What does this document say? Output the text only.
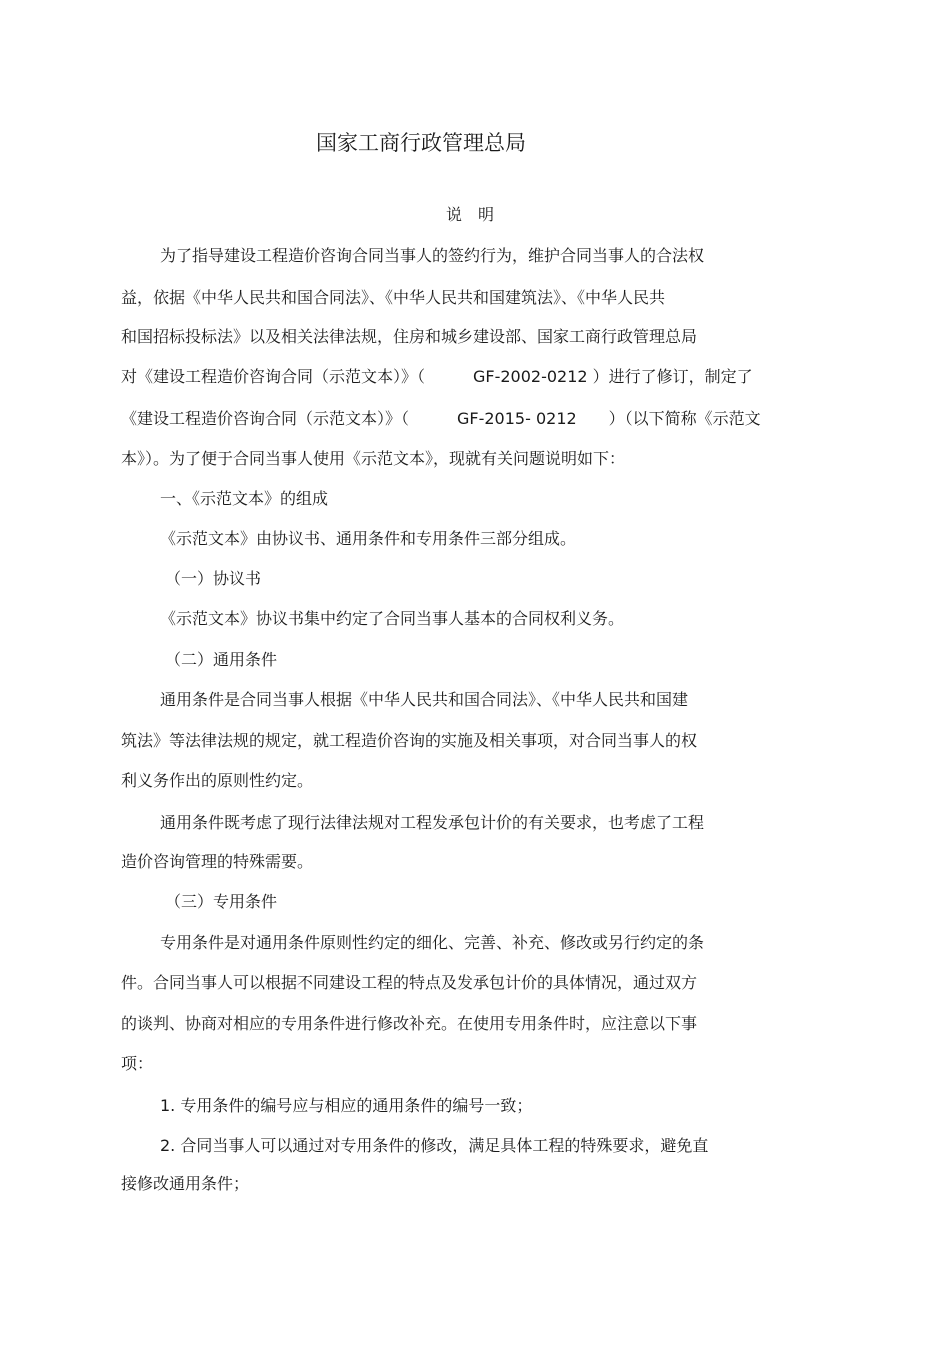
国家工商行政管理总局
说　明
为了指导建设工程造价咨询合同当事人的签约行为，维护合同当事人的合法权
益，依据《中华人民共和国合同法》、《中华人民共和国建筑法》、《中华人民共
和国招标投标法》以及相关法律法规，住房和城乡建设部、国家工商行政管理总局
对《建设工程造价咨询合同（示范文本）》（　　　GF-2002-0212 ）进行了修订，制定了
《建设工程造价咨询合同（示范文本）》（　　　GF-2015- 0212　　）（以下简称《示范文
本》）。为了便于合同当事人使用《示范文本》，现就有关问题说明如下：
一、《示范文本》的组成
《示范文本》由协议书、通用条件和专用条件三部分组成。
（一）协议书
《示范文本》协议书集中约定了合同当事人基本的合同权利义务。
（二）通用条件
通用条件是合同当事人根据《中华人民共和国合同法》、《中华人民共和国建
筑法》等法律法规的规定，就工程造价咨询的实施及相关事项，对合同当事人的权
利义务作出的原则性约定。
通用条件既考虑了现行法律法规对工程发承包计价的有关要求，也考虑了工程
造价咨询管理的特殊需要。
（三）专用条件
专用条件是对通用条件原则性约定的细化、完善、补充、修改或另行约定的条
件。合同当事人可以根据不同建设工程的特点及发承包计价的具体情况，通过双方
的谈判、协商对相应的专用条件进行修改补充。在使用专用条件时，应注意以下事
项：
1. 专用条件的编号应与相应的通用条件的编号一致；
2. 合同当事人可以通过对专用条件的修改，满足具体工程的特殊要求，避免直
接修改通用条件；
